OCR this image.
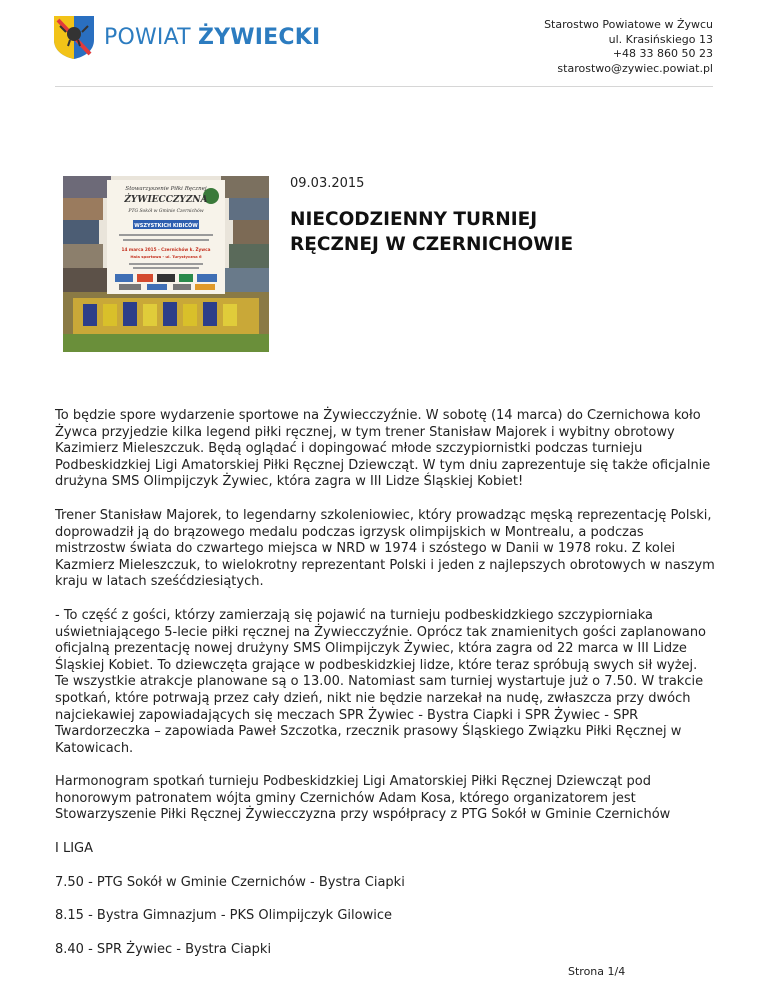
POWIAT ŻYWIECKI	Starostwo Powiatowe w Żywcu
ul. Krasińskiego 13
+48 33 860 50 23
starostwo@zywiec.powiat.pl
Stowarzyszenie Piłki Ręcznej
ŻYWIECCZYZNA
PTG Sokół w Gminie Czernichów
WSZYSTKICH KIBICÓW
14 marca 2015 - Czernichów k. Żywca
Hala sportowa - ul. Turystyczna 6
09.03.2015
NIECODZIENNY TURNIEJ
RĘCZNEJ W CZERNICHOWIE

To będzie spore wydarzenie sportowe na Żywiecczyźnie. W sobotę (14 marca) do Czernichowa koło Żywca przyjedzie kilka legend piłki ręcznej, w tym trener Stanisław Majorek i wybitny obrotowy Kazimierz Mieleszczuk. Będą oglądać i dopingować młode szczypiornistki podczas turnieju Podbeskidzkiej Ligi Amatorskiej Piłki Ręcznej Dziewcząt. W tym dniu zaprezentuje się także oficjalnie drużyna SMS Olimpijczyk Żywiec, która zagra w III Lidze Śląskiej Kobiet!

Trener Stanisław Majorek, to legendarny szkoleniowiec, który prowadząc męską reprezentację Polski, doprowadził ją do brązowego medalu podczas igrzysk olimpijskich w Montrealu, a podczas mistrzostw świata do czwartego miejsca w NRD w 1974 i szóstego w Danii w 1978 roku. Z kolei Kazmierz Mieleszczuk, to wielokrotny reprezentant Polski i jeden z najlepszych obrotowych w naszym kraju w latach sześćdziesiątych.

- To część z gości, którzy zamierzają się pojawić na turnieju podbeskidzkiego szczypiorniaka uświetniającego 5-lecie piłki ręcznej na Żywiecczyźnie. Oprócz tak znamienitych gości zaplanowano oficjalną prezentację nowej drużyny SMS Olimpijczyk Żywiec, która zagra od 22 marca w III Lidze Śląskiej Kobiet. To dziewczęta grające w podbeskidzkiej lidze, które teraz spróbują swych sił wyżej. Te wszystkie atrakcje planowane są o 13.00. Natomiast sam turniej wystartuje już o 7.50. W trakcie spotkań, które potrwają przez cały dzień, nikt nie będzie narzekał na nudę, zwłaszcza przy dwóch najciekawiej zapowiadających się meczach SPR Żywiec - Bystra Ciapki i SPR Żywiec - SPR Twardorzeczka – zapowiada Paweł Szczotka, rzecznik prasowy Śląskiego Związku Piłki Ręcznej w Katowicach.

Harmonogram spotkań turnieju Podbeskidzkiej Ligi Amatorskiej Piłki Ręcznej Dziewcząt pod honorowym patronatem wójta gminy Czernichów Adam Kosa, którego organizatorem jest Stowarzyszenie Piłki Ręcznej Żywiecczyzna przy współpracy z PTG Sokół w Gminie Czernichów

I LIGA

7.50 - PTG Sokół w Gminie Czernichów - Bystra Ciapki

8.15 - Bystra Gimnazjum - PKS Olimpijczyk Gilowice

8.40 - SPR Żywiec - Bystra Ciapki

Strona 1/4
